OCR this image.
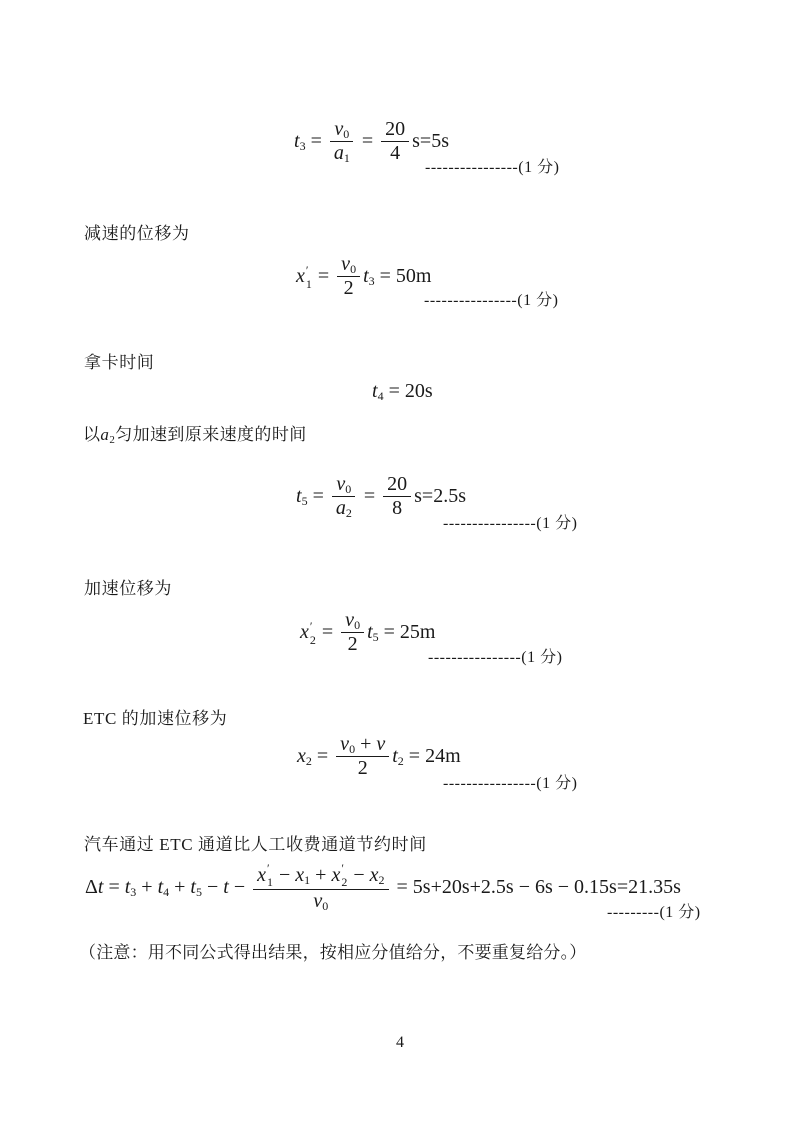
$t_3 = \frac{v_0}{a_1} = \frac{20}{4} s=5s$
----------------(1 分)
减速的位移为
x ′
$1 = \frac{v_0}{2} t_3 = 50m$
----------------(1 分)
拿卡时间
$t_4 = 20s$
以 $a_2$ 匀加速到原来速度的时间
$t_5 = \frac{v_0}{a_2} = \frac{20}{8} s=2.5s$
----------------(1 分)
加速位移为
x ′
$2 = \frac{v_0}{2} t_5 = 25m$
----------------(1 分)
ETC 的加速位移为
$x_2 = \frac{v_0 + v}{2} t_2 = 24m$
----------------(1 分)
汽车通过 ETC 通道比人工收费通道节约时间
Δ $t = t_3 + t_4 + t_5 - t - x$ ′
$1 - x_1 + x$ ′
$2 - x_2$
$v_0 = 5s+20s+2.5s - 6s - 0.15s=21.35s$
---------(1 分)
（注意：用不同公式得出结果，按相应分值给分，不要重复给分。）
4
